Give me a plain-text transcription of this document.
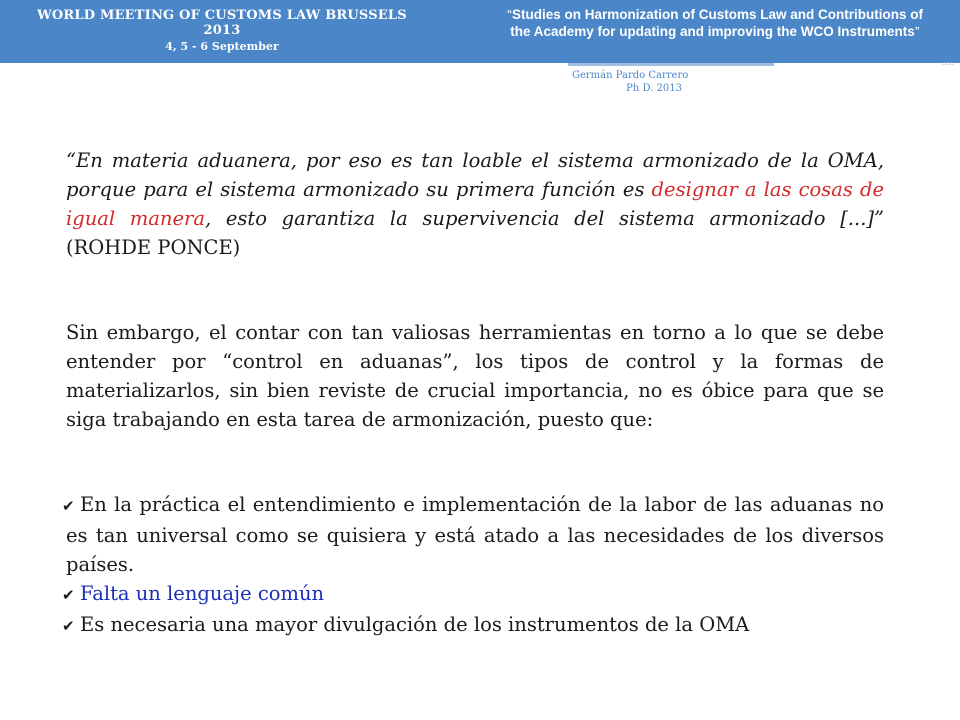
WORLD MEETING OF CUSTOMS LAW BRUSSELS 2013
4, 5 - 6 September
“Studies on Harmonization of Customs Law and Contributions of
the Academy for updating and improving the WCO Instruments”
▫▫▫
Germán Pardo Carrero
Ph D. 2013

“En materia aduanera, por eso es tan loable el sistema armonizado de la OMA, porque para el sistema armonizado su primera función es designar a las cosas de igual manera, esto garantiza la supervivencia del sistema armonizado [...]” (ROHDE PONCE)

Sin embargo, el contar con tan valiosas herramientas en torno a lo que se debe entender por “control en aduanas”, los tipos de control y la formas de materializarlos, sin bien reviste de crucial importancia, no es óbice para que se siga trabajando en esta tarea de armonización, puesto que:

✔ En la práctica el entendimiento e implementación de la labor de las aduanas no es tan universal como se quisiera y está atado a las necesidades de los diversos países.
✔ Falta un lenguaje común
✔ Es necesaria una mayor divulgación de los instrumentos de la OMA
